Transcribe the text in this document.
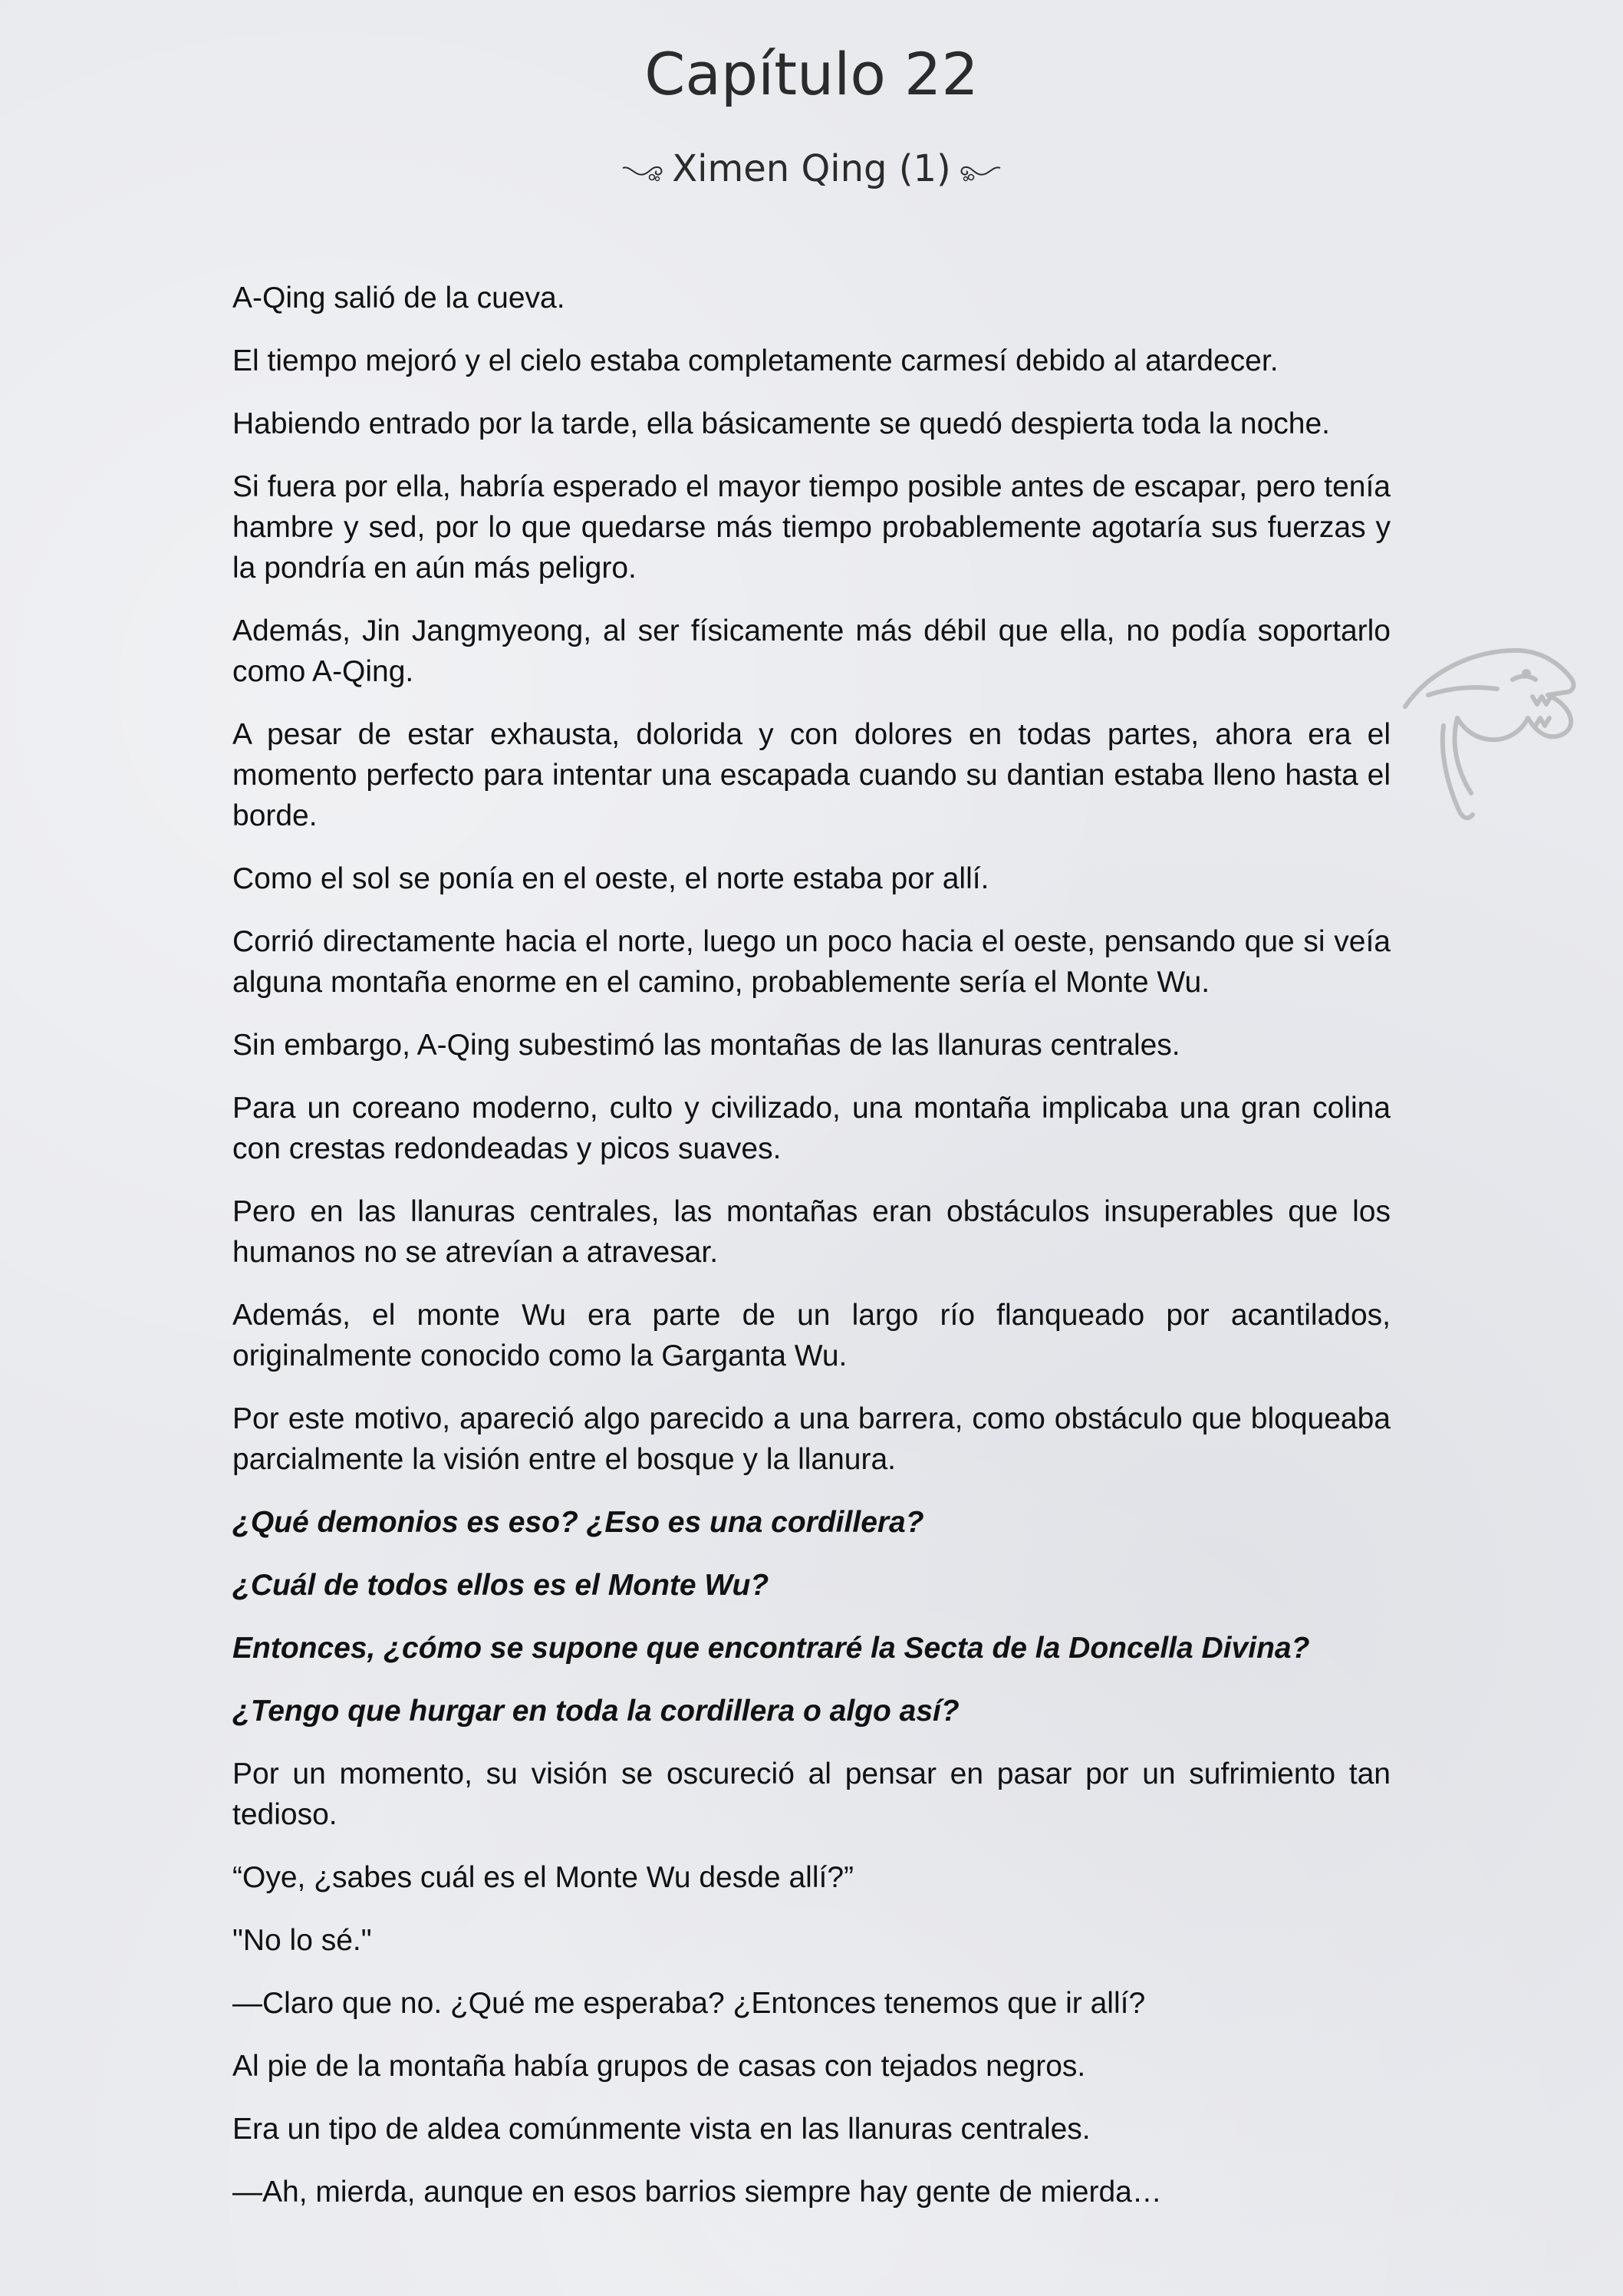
Capítulo 22
Ximen Qing (1)

A-Qing salió de la cueva.

El tiempo mejoró y el cielo estaba completamente carmesí debido al atardecer.

Habiendo entrado por la tarde, ella básicamente se quedó despierta toda la noche.

Si fuera por ella, habría esperado el mayor tiempo posible antes de escapar, pero tenía hambre y sed, por lo que quedarse más tiempo probablemente agotaría sus fuerzas y la pondría en aún más peligro.

Además, Jin Jangmyeong, al ser físicamente más débil que ella, no podía soportarlo como A-Qing.

A pesar de estar exhausta, dolorida y con dolores en todas partes, ahora era el momento perfecto para intentar una escapada cuando su dantian estaba lleno hasta el borde.

Como el sol se ponía en el oeste, el norte estaba por allí.

Corrió directamente hacia el norte, luego un poco hacia el oeste, pensando que si veía alguna montaña enorme en el camino, probablemente sería el Monte Wu.

Sin embargo, A-Qing subestimó las montañas de las llanuras centrales.

Para un coreano moderno, culto y civilizado, una montaña implicaba una gran colina con crestas redondeadas y picos suaves.

Pero en las llanuras centrales, las montañas eran obstáculos insuperables que los humanos no se atrevían a atravesar.

Además, el monte Wu era parte de un largo río flanqueado por acantilados, originalmente conocido como la Garganta Wu.

Por este motivo, apareció algo parecido a una barrera, como obstáculo que bloqueaba parcialmente la visión entre el bosque y la llanura.

¿Qué demonios es eso? ¿Eso es una cordillera?

¿Cuál de todos ellos es el Monte Wu?

Entonces, ¿cómo se supone que encontraré la Secta de la Doncella Divina?

¿Tengo que hurgar en toda la cordillera o algo así?

Por un momento, su visión se oscureció al pensar en pasar por un sufrimiento tan tedioso.

“Oye, ¿sabes cuál es el Monte Wu desde allí?”

"No lo sé."

—Claro que no. ¿Qué me esperaba? ¿Entonces tenemos que ir allí?

Al pie de la montaña había grupos de casas con tejados negros.

Era un tipo de aldea comúnmente vista en las llanuras centrales.

—Ah, mierda, aunque en esos barrios siempre hay gente de mierda…
